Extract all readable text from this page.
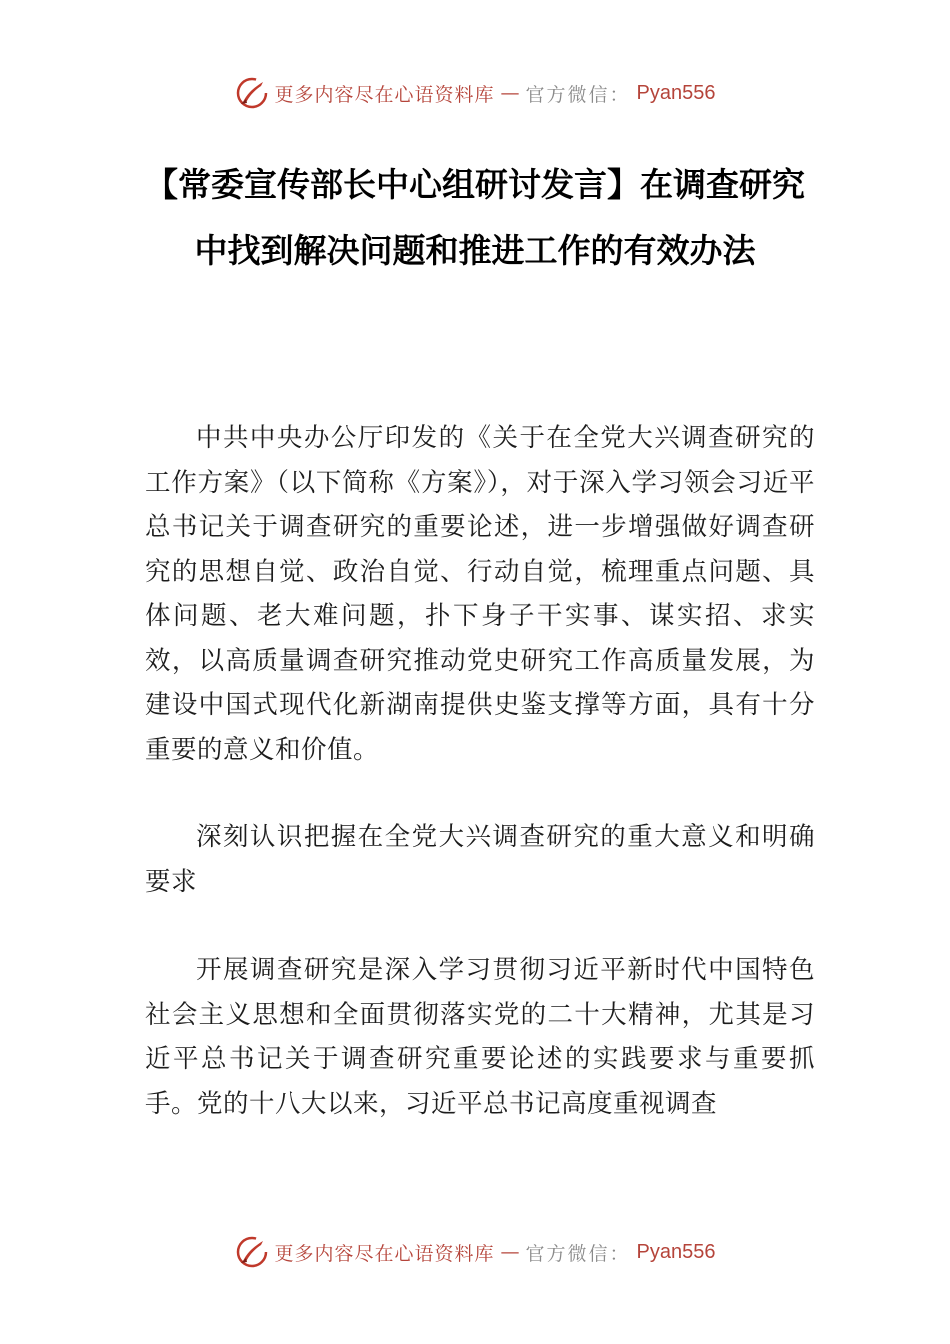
更多内容尽在心语资料库 — 官方微信： Pyan556
【常委宣传部长中心组研讨发言】在调查研究中找到解决问题和推进工作的有效办法

中共中央办公厅印发的《关于在全党大兴调查研究的工作方案》（以下简称《方案》），对于深入学习领会习近平总书记关于调查研究的重要论述，进一步增强做好调查研究的思想自觉、政治自觉、行动自觉，梳理重点问题、具体问题、老大难问题，扑下身子干实事、谋实招、求实效，以高质量调查研究推动党史研究工作高质量发展，为建设中国式现代化新湖南提供史鉴支撑等方面，具有十分重要的意义和价值。

深刻认识把握在全党大兴调查研究的重大意义和明确要求

开展调查研究是深入学习贯彻习近平新时代中国特色社会主义思想和全面贯彻落实党的二十大精神，尤其是习近平总书记关于调查研究重要论述的实践要求与重要抓手。党的十八大以来，习近平总书记高度重视调查

更多内容尽在心语资料库 — 官方微信： Pyan556
